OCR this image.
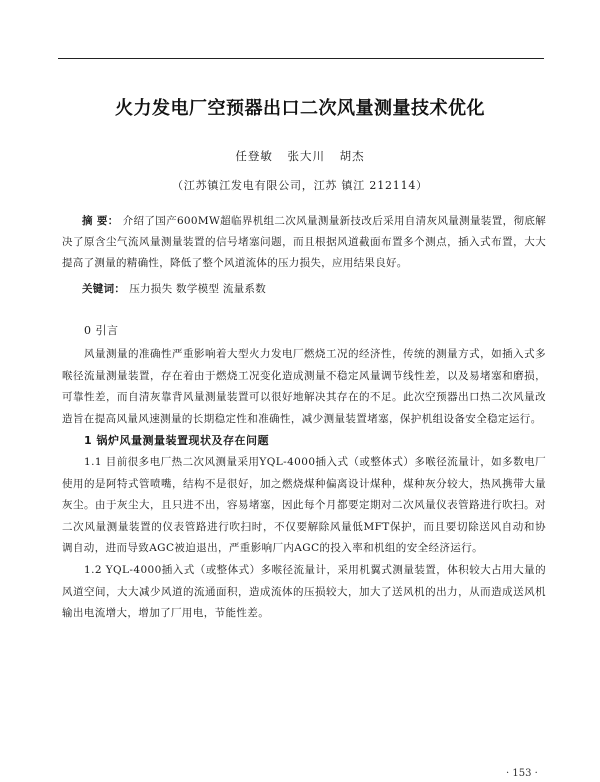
火力发电厂空预器出口二次风量测量技术优化
任登敏 张大川 胡杰
（江苏镇江发电有限公司，江苏 镇江 212114）
摘 要： 介绍了国产600MW超临界机组二次风量测量新技改后采用自清灰风量测量装置，彻底解决了原含尘气流风量测量装置的信号堵塞问题，而且根据风道截面布置多个测点，插入式布置，大大提高了测量的精确性，降低了整个风道流体的压力损失，应用结果良好。
关键词： 压力损失 数学模型 流量系数
0 引言
风量测量的准确性严重影响着大型火力发电厂燃烧工况的经济性，传统的测量方式，如插入式多喉径流量测量装置，存在着由于燃烧工况变化造成测量不稳定风量调节线性差，以及易堵塞和磨损，可靠性差，而自清灰靠背风量测量装置可以很好地解决其存在的不足。此次空预器出口热二次风量改造旨在提高风量风速测量的长期稳定性和准确性，减少测量装置堵塞，保护机组设备安全稳定运行。
1 锅炉风量测量装置现状及存在问题
1.1 目前很多电厂热二次风测量采用YQL-4000插入式（或整体式）多喉径流量计，如多数电厂使用的是阿特式管喷嘴，结构不是很好，加之燃烧煤种偏离设计煤种，煤种灰分较大，热风携带大量灰尘。由于灰尘大，且只进不出，容易堵塞，因此每个月都要定期对二次风量仪表管路进行吹扫。对二次风量测量装置的仪表管路进行吹扫时，不仅要解除风量低MFT保护，而且要切除送风自动和协调自动，进而导致AGC被迫退出，严重影响厂内AGC的投入率和机组的安全经济运行。
1.2 YQL-4000插入式（或整体式）多喉径流量计，采用机翼式测量装置，体积较大占用大量的风道空间，大大减少风道的流通面积，造成流体的压损较大，加大了送风机的出力，从而造成送风机输出电流增大，增加了厂用电，节能性差。
· 153 ·
